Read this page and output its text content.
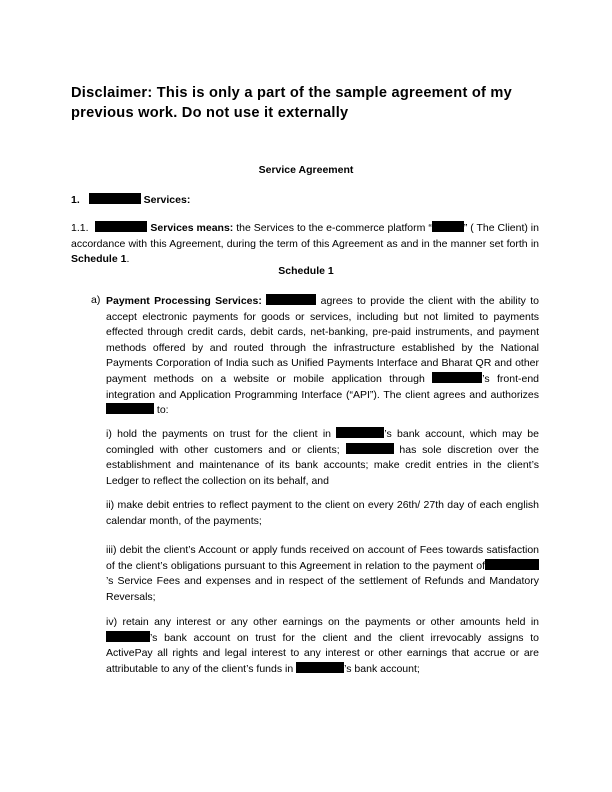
Disclaimer: This is only a part of the sample agreement of my previous work. Do not use it externally
Service Agreement
1.	Services:
1.1.	Services means: the Services to the e-commerce platform “	” ( The Client) in accordance with this Agreement, during the term of this Agreement as and in the manner set forth in Schedule 1.
Schedule 1
a) Payment Processing Services:	agrees to provide the client with the ability to accept electronic payments for goods or services, including but not limited to payments effected through credit cards, debit cards, net-banking, pre-paid instruments, and payment methods offered by and routed through the infrastructure established by the National Payments Corporation of India such as Unified Payments Interface and Bharat QR and other payment methods on a website or mobile application through	’s front-end integration and Application Programming Interface (“API”). The client agrees and authorizes  to:
i) hold the payments on trust for the client in	’s bank account, which may be comingled with other customers and or clients;	has sole discretion over the establishment and maintenance of its bank accounts; make credit entries in the client’s Ledger to reflect the collection on its behalf, and
ii) make debit entries to reflect payment to the client on every 26th/ 27th day of each english calendar month, of the payments;
iii) debit the client’s Account or apply funds received on account of Fees towards satisfaction of the client’s obligations pursuant to this Agreement in relation to the payment of’s Service Fees and expenses and in respect of the settlement of Refunds and Mandatory Reversals;
iv) retain any interest or any other earnings on the payments or other amounts held in ’s bank account on trust for the client and the client irrevocably assigns to ActivePay all rights and legal interest to any interest or other earnings that accrue or are attributable to any of the client’s funds in	’s bank account;
